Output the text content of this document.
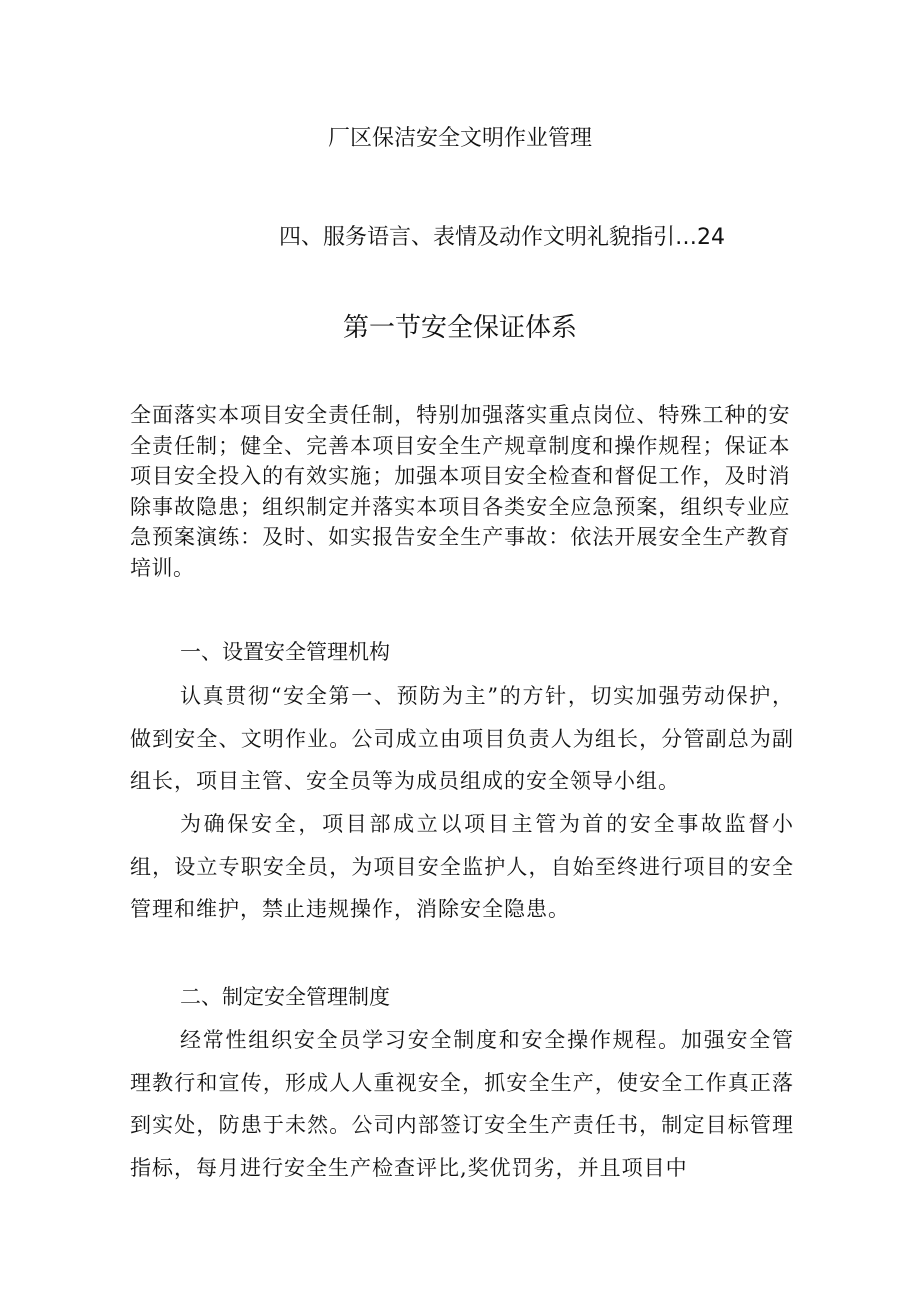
厂区保洁安全文明作业管理
四、服务语言、表情及动作文明礼貌指引…24
第一节安全保证体系
全面落实本项目安全责任制，特别加强落实重点岗位、特殊工种的安全责任制；健全、完善本项目安全生产规章制度和操作规程；保证本项目安全投入的有效实施；加强本项目安全检查和督促工作，及时消除事故隐患；组织制定并落实本项目各类安全应急预案，组织专业应急预案演练：及时、如实报告安全生产事故：依法开展安全生产教育培训。
一、设置安全管理机构
认真贯彻“安全第一、预防为主”的方针，切实加强劳动保护，做到安全、文明作业。公司成立由项目负责人为组长，分管副总为副组长，项目主管、安全员等为成员组成的安全领导小组。
为确保安全，项目部成立以项目主管为首的安全事故监督小组，设立专职安全员，为项目安全监护人，自始至终进行项目的安全管理和维护，禁止违规操作，消除安全隐患。
二、制定安全管理制度
经常性组织安全员学习安全制度和安全操作规程。加强安全管理教行和宣传，形成人人重视安全，抓安全生产，使安全工作真正落到实处，防患于未然。公司内部签订安全生产责任书，制定目标管理指标，每月进行安全生产检查评比,奖优罚劣，并且项目中
